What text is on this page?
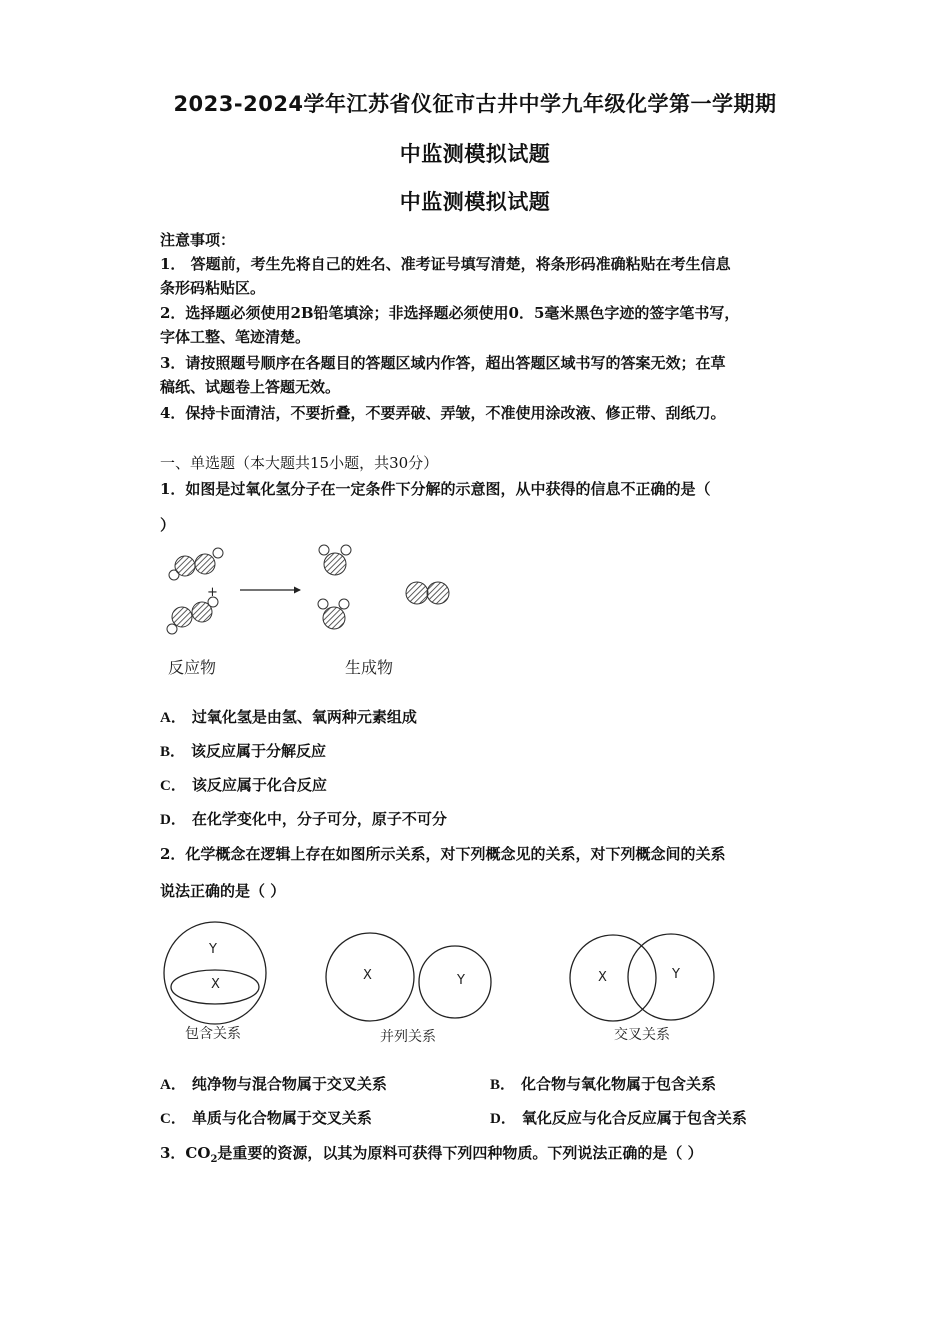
2023-2024学年江苏省仪征市古井中学九年级化学第一学期期
中监测模拟试题
中监测模拟试题
注意事项：
1． 答题前，考生先将自己的姓名、准考证号填写清楚，将条形码准确粘贴在考生信息
条形码粘贴区。
2．选择题必须使用2B铅笔填涂；非选择题必须使用0．5毫米黑色字迹的签字笔书写，
字体工整、笔迹清楚。
3．请按照题号顺序在各题目的答题区域内作答，超出答题区域书写的答案无效；在草
稿纸、试题卷上答题无效。
4．保持卡面清洁，不要折叠，不要弄破、弄皱，不准使用涂改液、修正带、刮纸刀。
一、单选题（本大题共15小题，共30分）
1．如图是过氧化氢分子在一定条件下分解的示意图，从中获得的信息不正确的是（
）
+
反应物	生成物
A． 过氧化氢是由氢、氧两种元素组成
B． 该反应属于分解反应
C． 该反应属于化合反应
D． 在化学变化中，分子可分，原子不可分
2．化学概念在逻辑上存在如图所示关系，对下列概念见的关系，对下列概念间的关系
说法正确的是（ ）
Y
X
X	Y	X	Y
包含关系	并列关系	交叉关系
A． 纯净物与混合物属于交叉关系	B． 化合物与氧化物属于包含关系
C． 单质与化合物属于交叉关系	D． 氧化反应与化合反应属于包含关系
3．$CO_2$是重要的资源，以其为原料可获得下列四种物质。下列说法正确的是（ ）
